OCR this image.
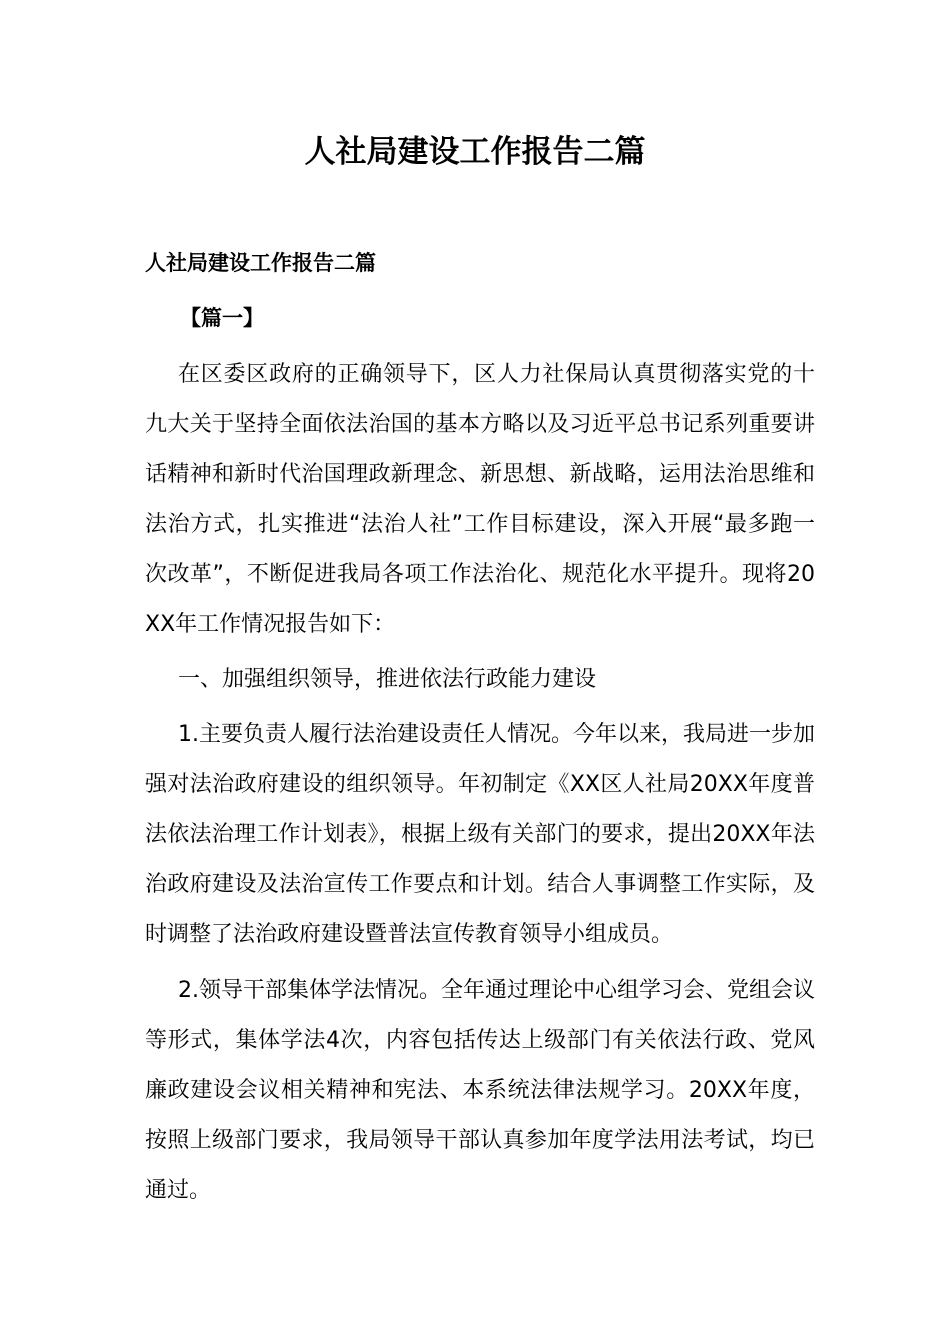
人社局建设工作报告二篇
人社局建设工作报告二篇
【篇一】

在区委区政府的正确领导下，区人力社保局认真贯彻落实党的十九大关于坚持全面依法治国的基本方略以及习近平总书记系列重要讲话精神和新时代治国理政新理念、新思想、新战略，运用法治思维和法治方式，扎实推进“法治人社”工作目标建设，深入开展“最多跑一次改革”，不断促进我局各项工作法治化、规范化水平提升。现将20XX年工作情况报告如下：

一、加强组织领导，推进依法行政能力建设

1.主要负责人履行法治建设责任人情况。今年以来，我局进一步加强对法治政府建设的组织领导。年初制定《XX区人社局20XX年度普法依法治理工作计划表》，根据上级有关部门的要求，提出20XX年法治政府建设及法治宣传工作要点和计划。结合人事调整工作实际，及时调整了法治政府建设暨普法宣传教育领导小组成员。

2.领导干部集体学法情况。全年通过理论中心组学习会、党组会议等形式，集体学法4次，内容包括传达上级部门有关依法行政、党风廉政建设会议相关精神和宪法、本系统法律法规学习。20XX年度，按照上级部门要求，我局领导干部认真参加年度学法用法考试，均已通过。
